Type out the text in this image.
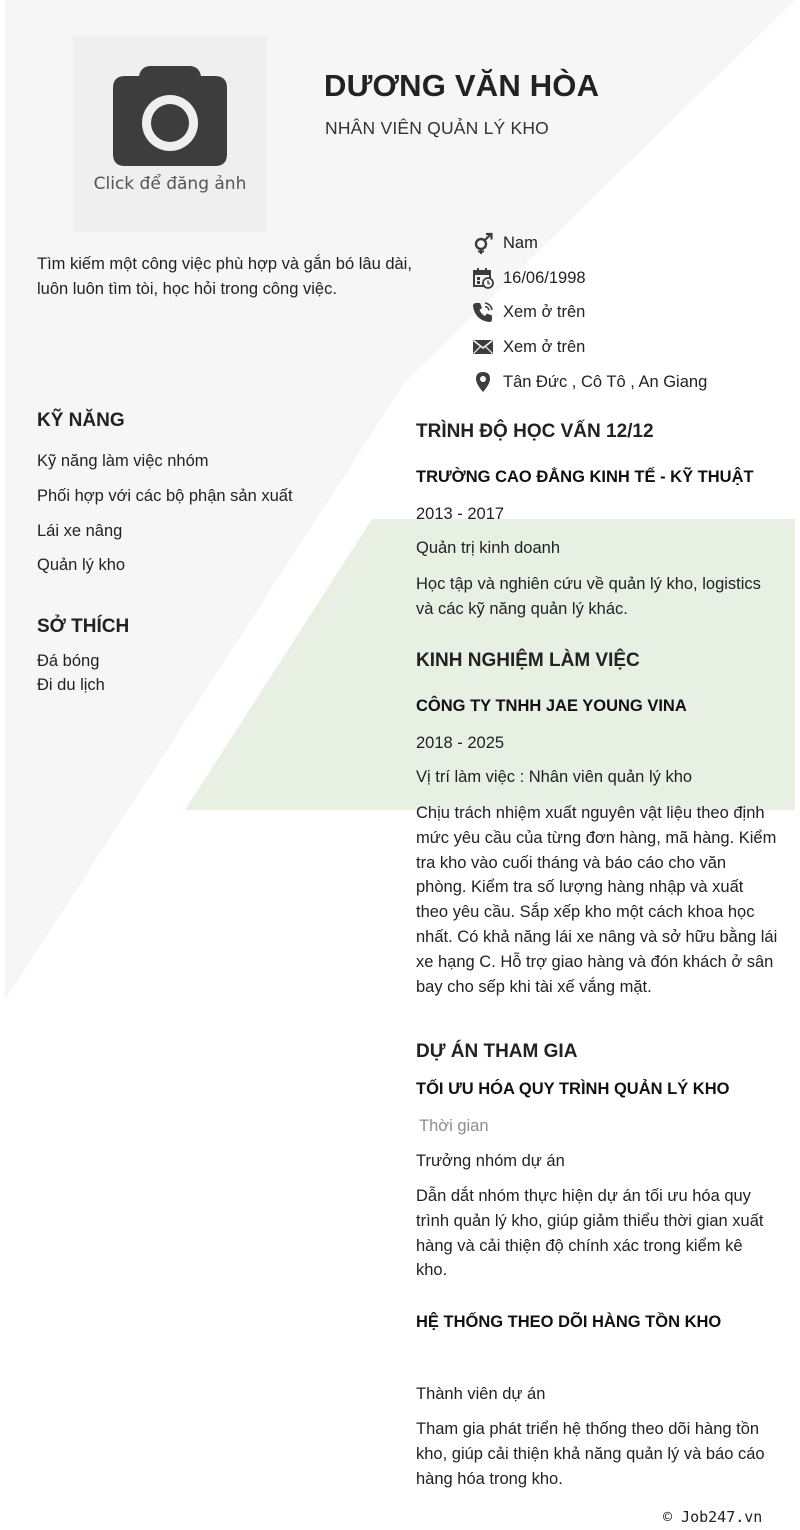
Click để đăng ảnh
DƯƠNG VĂN HÒA
NHÂN VIÊN QUẢN LÝ KHO
Tìm kiếm một công việc phù hợp và gắn bó lâu dài, luôn luôn tìm tòi, học hỏi trong công việc.
Nam
16/06/1998
Xem ở trên
Xem ở trên
Tân Đức , Cô Tô , An Giang
KỸ NĂNG
Kỹ năng làm việc nhóm
Phối hợp với các bộ phận sản xuất
Lái xe nâng
Quản lý kho
SỞ THÍCH
Đá bóng
Đi du lịch
TRÌNH ĐỘ HỌC VẤN 12/12
TRƯỜNG CAO ĐẲNG KINH TẾ - KỸ THUẬT
2013 - 2017
Quản trị kinh doanh
Học tập và nghiên cứu về quản lý kho, logistics và các kỹ năng quản lý khác.
KINH NGHIỆM LÀM VIỆC
CÔNG TY TNHH JAE YOUNG VINA
2018 - 2025
Vị trí làm việc : Nhân viên quản lý kho
Chịu trách nhiệm xuất nguyên vật liệu theo định mức yêu cầu của từng đơn hàng, mã hàng. Kiểm tra kho vào cuối tháng và báo cáo cho văn phòng. Kiểm tra số lượng hàng nhập và xuất theo yêu cầu. Sắp xếp kho một cách khoa học nhất. Có khả năng lái xe nâng và sở hữu bằng lái xe hạng C. Hỗ trợ giao hàng và đón khách ở sân bay cho sếp khi tài xế vắng mặt.
DỰ ÁN THAM GIA
TỐI ƯU HÓA QUY TRÌNH QUẢN LÝ KHO
Thời gian
Trưởng nhóm dự án
Dẫn dắt nhóm thực hiện dự án tối ưu hóa quy trình quản lý kho, giúp giảm thiểu thời gian xuất hàng và cải thiện độ chính xác trong kiểm kê kho.
HỆ THỐNG THEO DÕI HÀNG TỒN KHO
Thành viên dự án
Tham gia phát triển hệ thống theo dõi hàng tồn kho, giúp cải thiện khả năng quản lý và báo cáo hàng hóa trong kho.
© Job247.vn
